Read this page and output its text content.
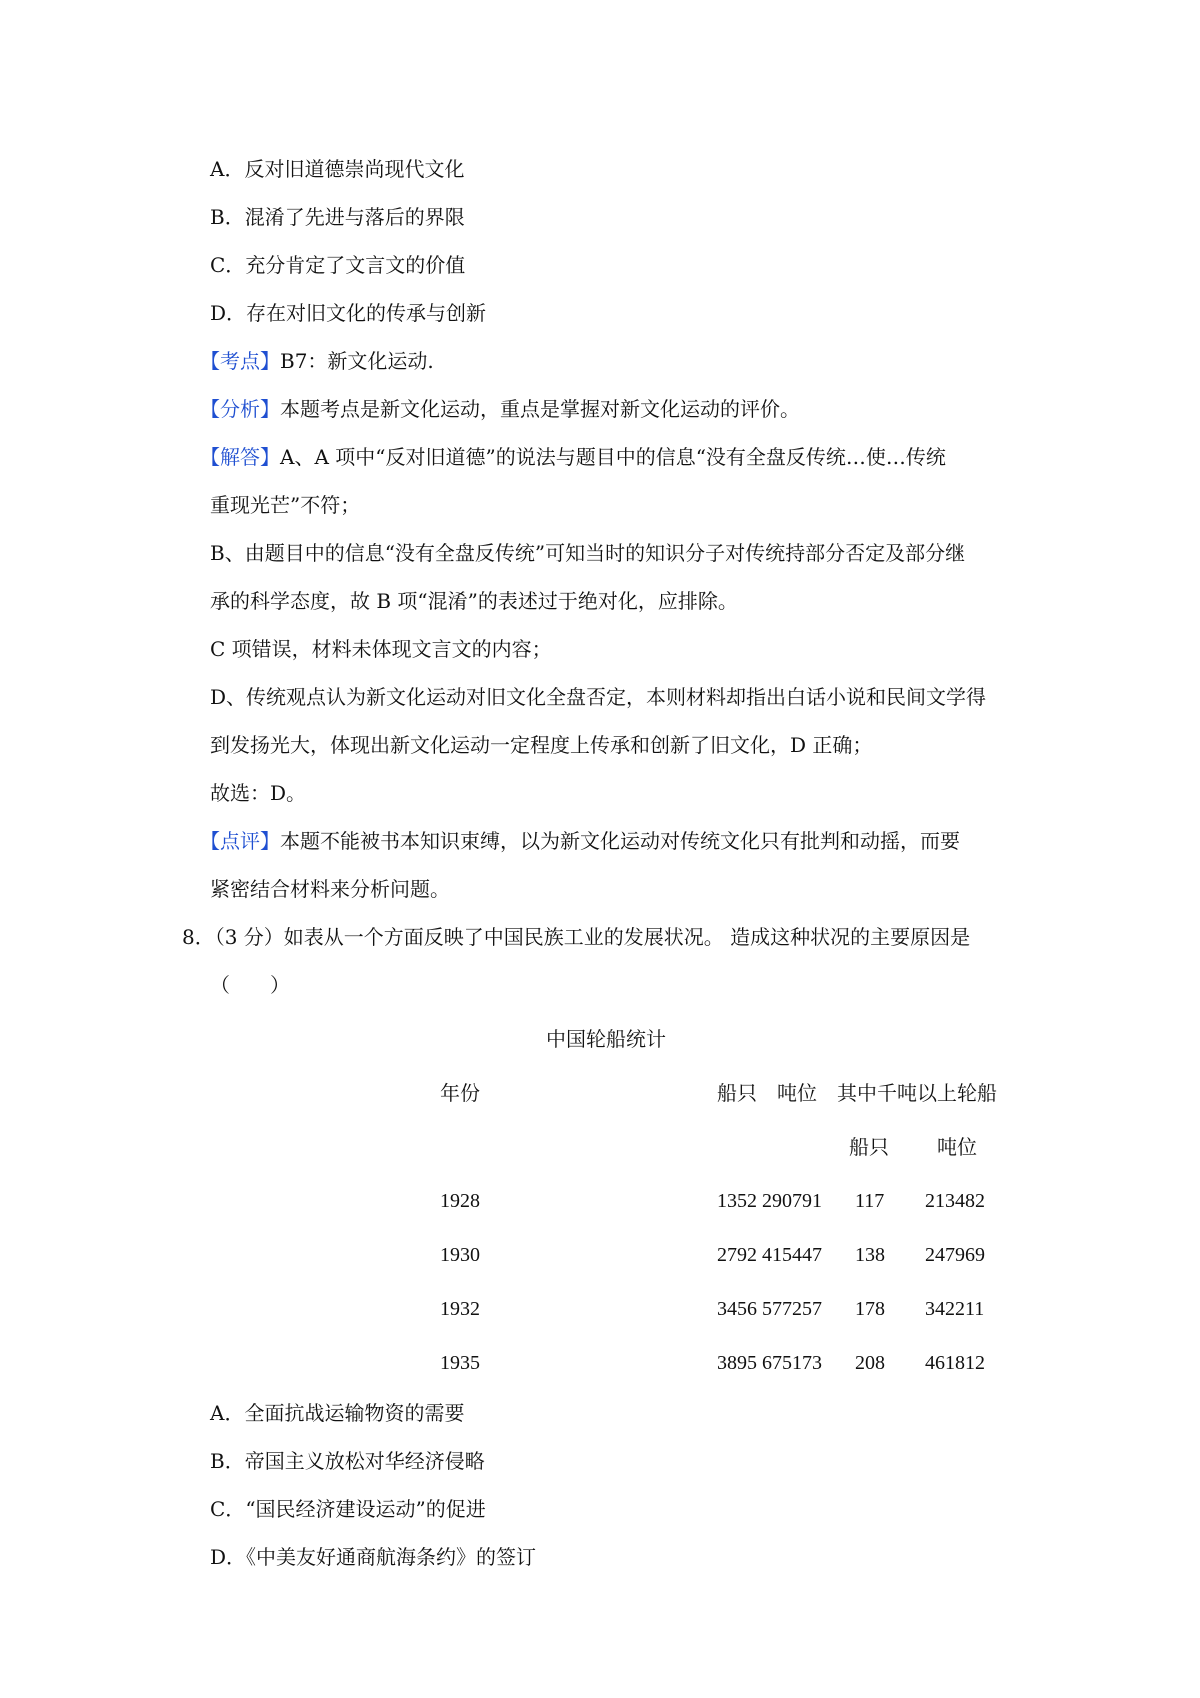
A．反对旧道德崇尚现代文化
B．混淆了先进与落后的界限
C．充分肯定了文言文的价值
D．存在对旧文化的传承与创新
【考点】B7：新文化运动.
【分析】本题考点是新文化运动，重点是掌握对新文化运动的评价。
【解答】A、A 项中“反对旧道德”的说法与题目中的信息“没有全盘反传统…使…传统
重现光芒”不符；
B、由题目中的信息“没有全盘反传统”可知当时的知识分子对传统持部分否定及部分继
承的科学态度，故 B 项“混淆”的表述过于绝对化，应排除。
C 项错误，材料未体现文言文的内容；
D、传统观点认为新文化运动对旧文化全盘否定，本则材料却指出白话小说和民间文学得
到发扬光大，体现出新文化运动一定程度上传承和创新了旧文化，D 正确；
故选：D。
【点评】本题不能被书本知识束缚，以为新文化运动对传统文化只有批判和动摇，而要
紧密结合材料来分析问题。
8．（3 分）如表从一个方面反映了中国民族工业的发展状况。 造成这种状况的主要原因是
（　　）
中国轮船统计
年份	船只　吨位　其中千吨以上轮船
船只 吨位
1928	1352 290791 117 213482
1930	2792 415447 138 247969
1932	3456 577257 178 342211
1935	3895 675173 208 461812
A．全面抗战运输物资的需要
B．帝国主义放松对华经济侵略
C．“国民经济建设运动”的促进
D．《中美友好通商航海条约》的签订
